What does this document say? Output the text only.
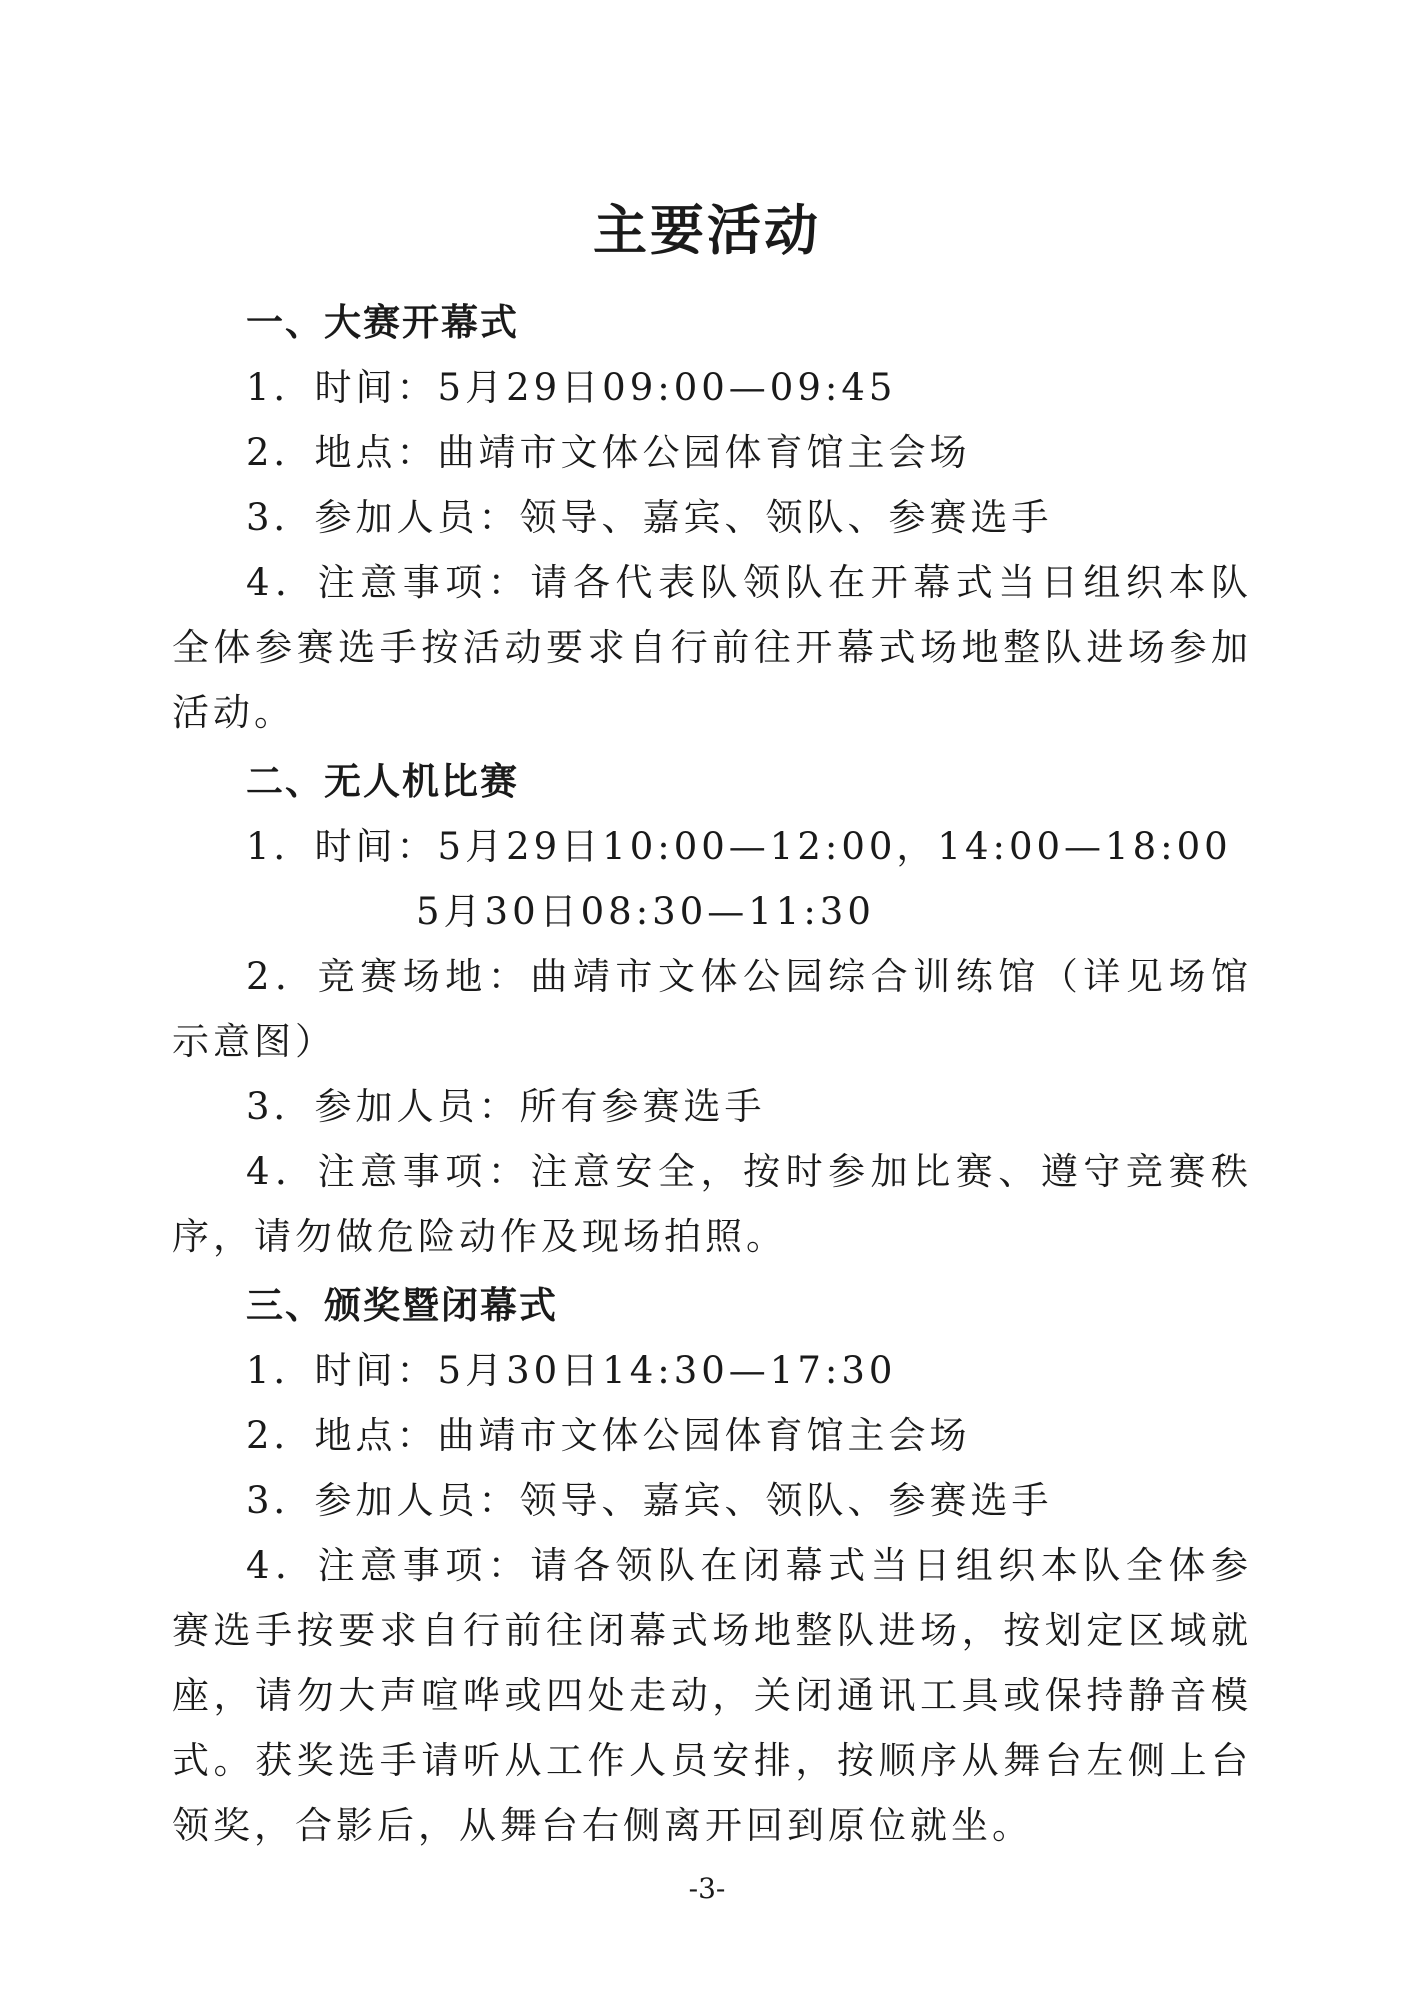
主要活动
一、大赛开幕式
1．时间：5月29日09:00—09:45
2．地点：曲靖市文体公园体育馆主会场
3．参加人员：领导、嘉宾、领队、参赛选手
4．注意事项：请各代表队领队在开幕式当日组织本队全体参赛选手按活动要求自行前往开幕式场地整队进场参加活动。
二、无人机比赛
1．时间：5月29日10:00—12:00，14:00—18:00
5月30日08:30—11:30
2．竞赛场地：曲靖市文体公园综合训练馆（详见场馆示意图）
3．参加人员：所有参赛选手
4．注意事项：注意安全，按时参加比赛、遵守竞赛秩序，请勿做危险动作及现场拍照。
三、颁奖暨闭幕式
1．时间：5月30日14:30—17:30
2．地点：曲靖市文体公园体育馆主会场
3．参加人员：领导、嘉宾、领队、参赛选手
4．注意事项：请各领队在闭幕式当日组织本队全体参赛选手按要求自行前往闭幕式场地整队进场，按划定区域就座，请勿大声喧哗或四处走动，关闭通讯工具或保持静音模式。获奖选手请听从工作人员安排，按顺序从舞台左侧上台领奖，合影后，从舞台右侧离开回到原位就坐。
-3-
